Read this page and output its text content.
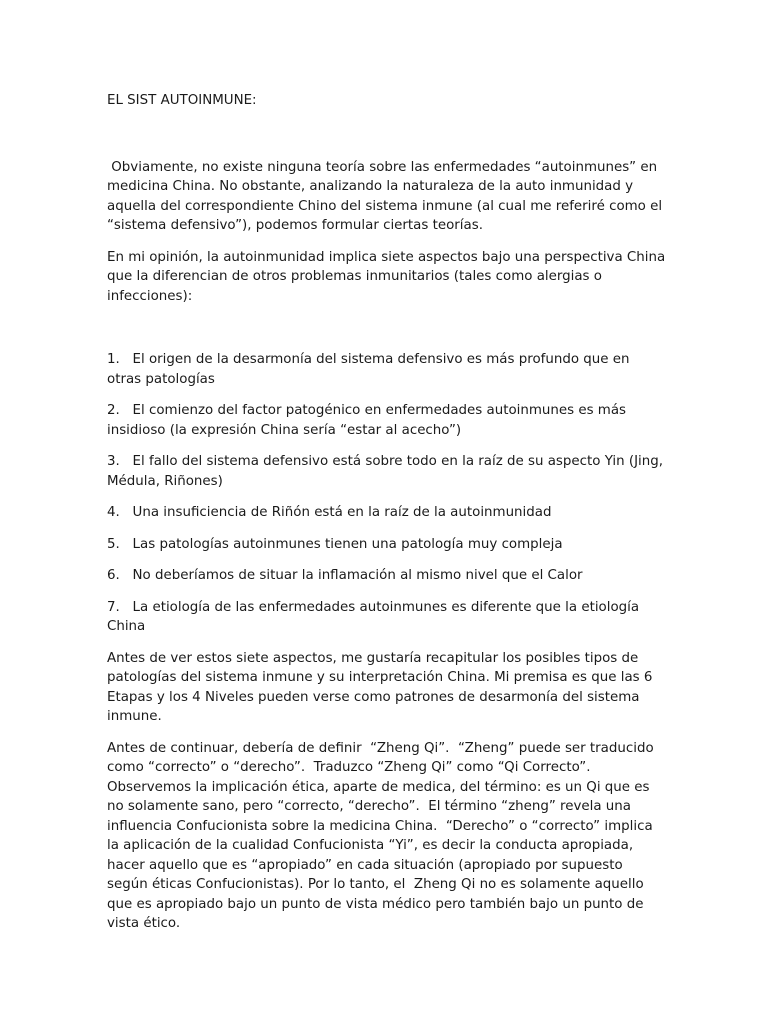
EL SIST AUTOINMUNE:

Obviamente, no existe ninguna teoría sobre las enfermedades “autoinmunes” en medicina China. No obstante, analizando la naturaleza de la auto inmunidad y aquella del correspondiente Chino del sistema inmune (al cual me referiré como el “sistema defensivo”), podemos formular ciertas teorías.

En mi opinión, la autoinmunidad implica siete aspectos bajo una perspectiva China que la diferencian de otros problemas inmunitarios (tales como alergias o infecciones):

1.   El origen de la desarmonía del sistema defensivo es más profundo que en otras patologías
2.   El comienzo del factor patogénico en enfermedades autoinmunes es más insidioso (la expresión China sería “estar al acecho”)
3.   El fallo del sistema defensivo está sobre todo en la raíz de su aspecto Yin (Jing, Médula, Riñones)
4.   Una insuficiencia de Riñón está en la raíz de la autoinmunidad
5.   Las patologías autoinmunes tienen una patología muy compleja
6.   No deberíamos de situar la inflamación al mismo nivel que el Calor
7.   La etiología de las enfermedades autoinmunes es diferente que la etiología China

Antes de ver estos siete aspectos, me gustaría recapitular los posibles tipos de patologías del sistema inmune y su interpretación China. Mi premisa es que las 6 Etapas y los 4 Niveles pueden verse como patrones de desarmonía del sistema inmune.

Antes de continuar, debería de definir  “Zheng Qi”.  “Zheng” puede ser traducido como “correcto” o “derecho”.  Traduzco “Zheng Qi” como “Qi Correcto”.  Observemos la implicación ética, aparte de medica, del término: es un Qi que es no solamente sano, pero “correcto, “derecho”.  El término “zheng” revela una influencia Confucionista sobre la medicina China.  “Derecho” o “correcto” implica la aplicación de la cualidad Confucionista “Yi”, es decir la conducta apropiada, hacer aquello que es “apropiado” en cada situación (apropiado por supuesto según éticas Confucionistas). Por lo tanto, el  Zheng Qi no es solamente aquello que es apropiado bajo un punto de vista médico pero también bajo un punto de vista ético.
